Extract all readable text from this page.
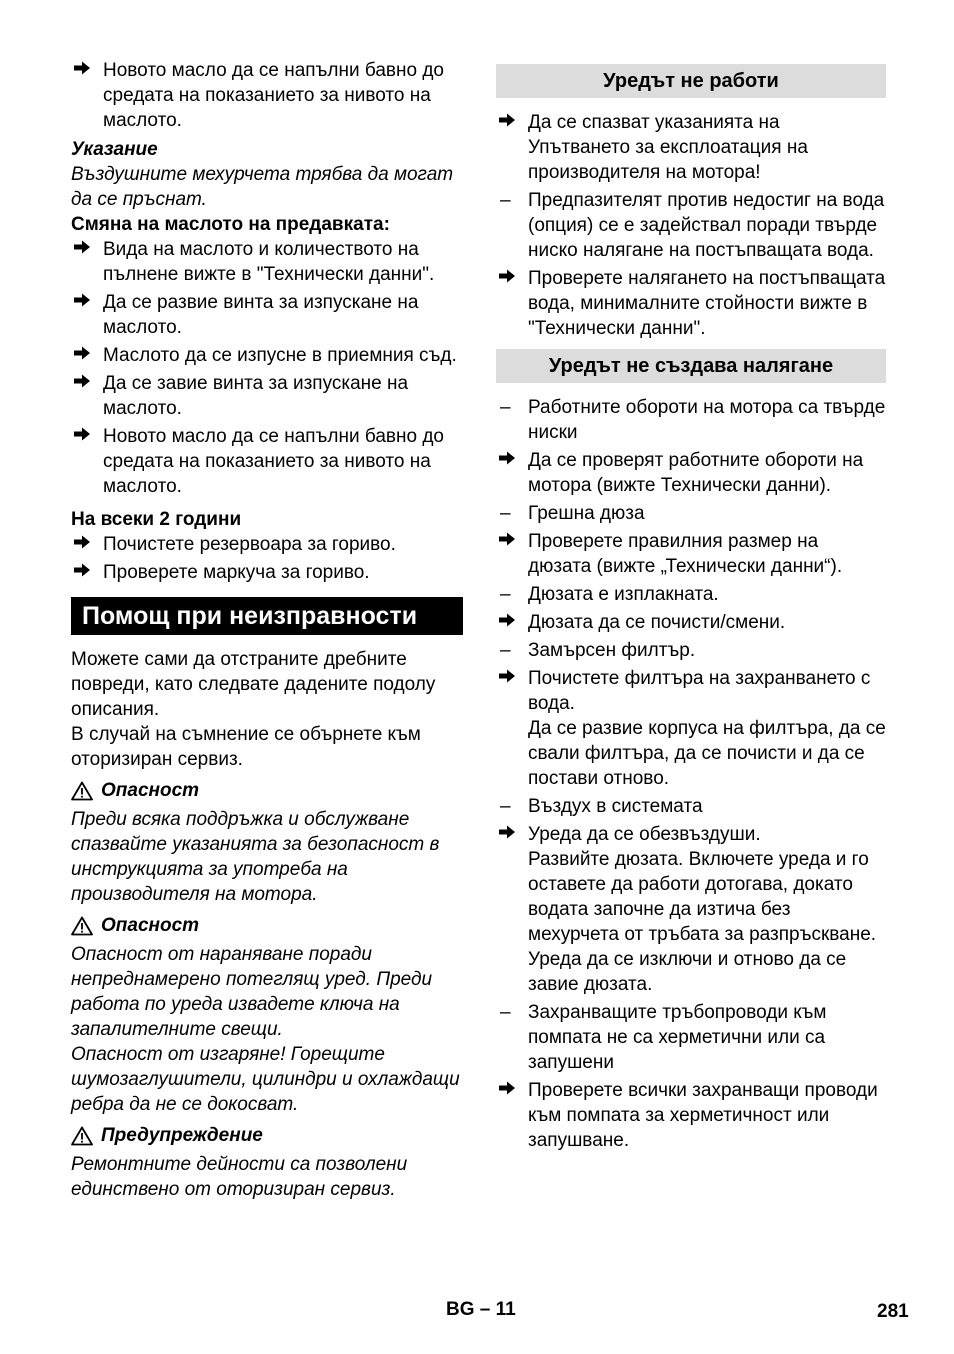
Новото масло да се напълни бавно до средата на показанието за нивото на маслото.
Указание
Въздушните мехурчета трябва да могат да се пръснат.
Смяна на маслото на предавката:
Вида на маслото и количеството на пълнене вижте в "Технически данни".
Да се развие винта за изпускане на маслото.
Маслото да се изпусне в приемния съд.
Да се завие винта за изпускане на маслото.
Новото масло да се напълни бавно до средата на показанието за нивото на маслото.
На всеки 2 години
Почистете резервоара за гориво.
Проверете маркуча за гориво.
Помощ при неизправности
Можете сами да отстраните дребните повреди, като следвате дадените подолу описания.
В случай на съмнение се обърнете към оторизиран сервиз.
Опасност
Преди всяка поддръжка и обслужване спазвайте указанията за безопасност в инструкцията за употреба на производителя на мотора.
Опасност
Опасност от нараняване поради непреднамерено потеглящ уред. Преди работа по уреда извадете ключа на запалителните свещи.
Опасност от изгаряне! Горещите шумозаглушители, цилиндри и охлаждащи ребра да не се докосват.
Предупреждение
Ремонтните дейности са позволени единствено от оторизиран сервиз.
Уредът не работи
Да се спазват указанията на Упътването за експлоатация на производителя на мотора!
– Предпазителят против недостиг на вода (опция) се е задействал поради твърде ниско налягане на постъпващата вода.
Проверете налягането на постъпващата вода, минималните стойности вижте в "Технически данни".
Уредът не създава налягане
– Работните обороти на мотора са твърде ниски
Да се проверят работните обороти на мотора (вижте Технически данни).
– Грешна дюза
Проверете правилния размер на дюзата (вижте „Технически данни“).
– Дюзата е изплакната.
Дюзата да се почисти/смени.
– Замърсен филтър.
Почистете филтъра на захранването с вода.
Да се развие корпуса на филтъра, да се свали филтъра, да се почисти и да се постави отново.
– Въздух в системата
Уреда да се обезвъздуши.
Развийте дюзата. Включете уреда и го оставете да работи дотогава, докато водата започне да изтича без мехурчета от тръбата за разпръскване. Уреда да се изключи и отново да се завие дюзата.
– Захранващите тръбопроводи към помпата не са херметични или са запушени
Проверете всички захранващи проводи към помпата за херметичност или запушване.
BG – 11	281
